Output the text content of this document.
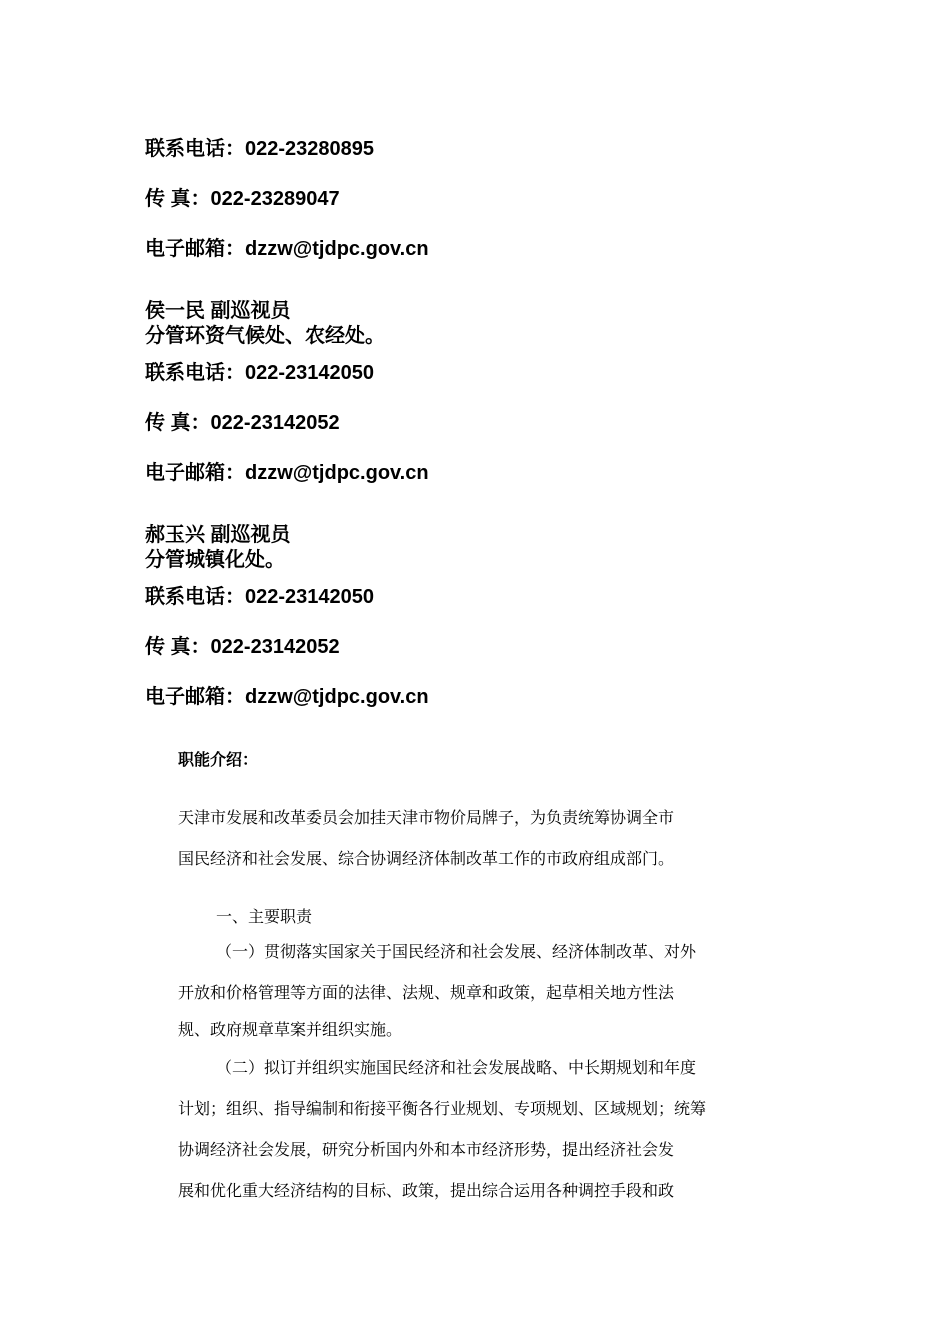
联系电话：022-23280895
传 真：022-23289047
电子邮箱：dzzw@tjdpc.gov.cn
侯一民 副巡视员
分管环资气候处、农经处。
联系电话：022-23142050
传 真：022-23142052
电子邮箱：dzzw@tjdpc.gov.cn
郝玉兴 副巡视员
分管城镇化处。
联系电话：022-23142050
传 真：022-23142052
电子邮箱：dzzw@tjdpc.gov.cn
职能介绍：
天津市发展和改革委员会加挂天津市物价局牌子，为负责统筹协调全市
国民经济和社会发展、综合协调经济体制改革工作的市政府组成部门。
一、主要职责
（一）贯彻落实国家关于国民经济和社会发展、经济体制改革、对外
开放和价格管理等方面的法律、法规、规章和政策，起草相关地方性法
规、政府规章草案并组织实施。
（二）拟订并组织实施国民经济和社会发展战略、中长期规划和年度
计划；组织、指导编制和衔接平衡各行业规划、专项规划、区域规划；统筹
协调经济社会发展，研究分析国内外和本市经济形势，提出经济社会发
展和优化重大经济结构的目标、政策，提出综合运用各种调控手段和政
